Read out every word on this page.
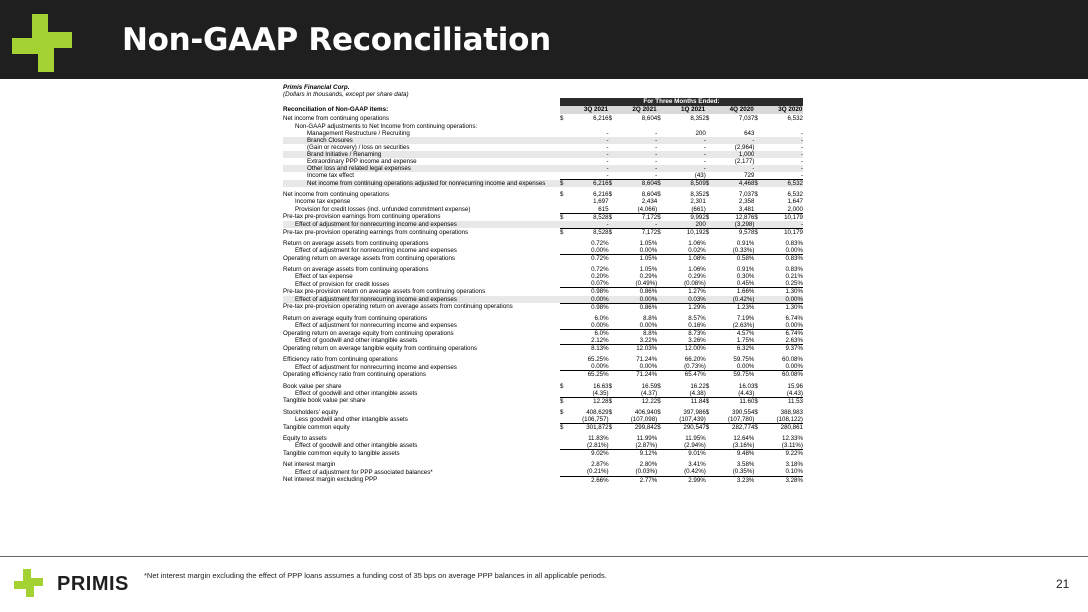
Non-GAAP Reconciliation
Primis Financial Corp.
(Dollars in thousands, except per share data)
For Three Months Ended:
Reconciliation of Non-GAAP items:	3Q 2021	2Q 2021	1Q 2021	4Q 2020	3Q 2020
Net income from continuing operations	$	6,216	$	8,604	$	8,352	$	7,037	$	6,532
Non-GAAP adjustments to Net Income from continuing operations:										
Management Restructure / Recruiting		-		-		200		643		-
Branch Closures		-		-		-		-		-
(Gain or recovery) / loss on securities		-		-		-		(2,964)		-
Brand Initiative / Renaming		-		-		-		1,000		-
Extraordinary PPP income and expense		-		-		-		(2,177)		-
Other loss and related legal expenses		-		-		-		-		-
Income tax effect		-		-		(43)		729		-
Net income from continuing operations adjusted for nonrecurring income and expenses	$	6,216	$	8,604	$	8,509	$	4,468	$	6,532

Net income from continuing operations	$	6,216	$	8,604	$	8,352	$	7,037	$	6,532
Income tax expense		1,697		2,434		2,301		2,358		1,647
Provision for credit losses (incl. unfunded commitment expense)		615		(4,066)		(661)		3,481		2,000
Pre-tax pre-provision earnings from continuing operations	$	8,528	$	7,172	$	9,992	$	12,876	$	10,179
Effect of adjustment for nonrecurring income and expenses		-		-		200		(3,298)		-
Pre-tax pre-provision operating earnings from continuing operations	$	8,528	$	7,172	$	10,192	$	9,578	$	10,179

Return on average assets from continuing operations		0.72%		1.05%		1.06%		0.91%		0.83%
Effect of adjustment for nonrecurring income and expenses		0.00%		0.00%		0.02%		(0.33%)		0.00%
Operating return on average assets from continuing operations		0.72%		1.05%		1.08%		0.58%		0.83%

Return on average assets from continuing operations		0.72%		1.05%		1.06%		0.91%		0.83%
Effect of tax expense		0.20%		0.29%		0.29%		0.30%		0.21%
Effect of provision for credit losses		0.07%		(0.49%)		(0.08%)		0.45%		0.25%
Pre-tax pre-provision return on average assets from continuing operations		0.98%		0.86%		1.27%		1.66%		1.30%
Effect of adjustment for nonrecurring income and expenses		0.00%		0.00%		0.03%		(0.42%)		0.00%
Pre-tax pre-provision operating return on average assets from continuing operations		0.98%		0.86%		1.29%		1.23%		1.30%

Return on average equity from continuing operations		6.0%		8.8%		8.57%		7.19%		6.74%
Effect of adjustment for nonrecurring income and expenses		0.00%		0.00%		0.16%		(2.63%)		0.00%
Operating return on average equity from continuing operations		6.0%		8.8%		8.73%		4.57%		6.74%
Effect of goodwill and other intangible assets		2.12%		3.22%		3.26%		1.75%		2.63%
Operating return on average tangible equity from continuing operations		8.13%		12.03%		12.00%		6.32%		9.37%

Efficiency ratio from continuing operations		65.25%		71.24%		66.20%		59.75%		60.08%
Effect of adjustment for nonrecurring income and expenses		0.00%		0.00%		(0.73%)		0.00%		0.00%
Operating efficiency ratio from continuing operations		65.25%		71.24%		65.47%		59.75%		60.08%

Book value per share	$	16.63	$	16.59	$	16.22	$	16.03	$	15.96
Effect of goodwill and other intangible assets		(4.35)		(4.37)		(4.38)		(4.43)		(4.43)
Tangible book value per share	$	12.28	$	12.22	$	11.84	$	11.60	$	11.53

Stockholders' equity	$	408,629	$	406,940	$	397,986	$	390,554	$	388,983
Less goodwill and other intangible assets		(106,757)		(107,098)		(107,439)		(107,780)		(108,122)
Tangible common equity	$	301,872	$	299,842	$	290,547	$	282,774	$	280,861

Equity to assets		11.83%		11.99%		11.95%		12.64%		12.33%
Effect of goodwill and other intangible assets		(2.81%)		(2.87%)		(2.94%)		(3.16%)		(3.11%)
Tangible common equity to tangible assets		9.02%		9.12%		9.01%		9.48%		9.22%

Net interest margin		2.87%		2.80%		3.41%		3.58%		3.18%
Effect of adjustment for PPP associated balances*		(0.21%)		(0.03%)		(0.42%)		(0.35%)		0.10%
Net interest margin excluding PPP		2.66%		2.77%		2.99%		3.23%		3.28%
PRIMIS *Net interest margin excluding the effect of PPP loans assumes a funding cost of 35 bps on average PPP balances in all applicable periods.
21
